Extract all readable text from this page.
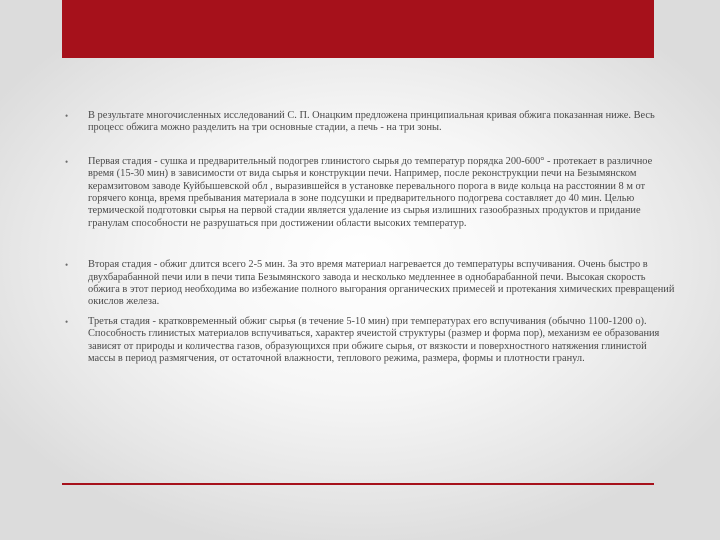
• В результате многочисленных исследований С. П. Онацким предложена принципиальная кривая обжига показанная ниже. Весь процесс обжига можно разделить на три основные стадии, а печь - на три зоны.
• Первая стадия - сушка и предварительный подогрев глинистого сырья до температур порядка 200-600° - протекает в различное время (15-30 мин) в зависимости от вида сырья и конструкции печи. Например, после реконструкции печи на Безымянском керамзитовом заводе Куйбышевской обл , выразившейся в установке перевального порога в виде кольца на расстоянии 8 м от горячего конца, время пребывания материала в зоне подсушки и предварительного подогрева составляет до 40 мин. Целью термической подготовки сырья на первой стадии является удаление из сырья излишних газообразных продуктов и придание гранулам способности не разрушаться при достижении области высоких температур.
• Вторая стадия - обжиг длится всего 2-5 мин. За это время материал нагревается до температуры вспучивания. Очень быстро в двухбарабанной печи или в печи типа Безымянского завода и несколько медленнее в однобарабанной печи. Высокая скорость обжига в этот период необходима во избежание полного выгорания органических примесей и протекания химических превращений окислов железа.
• Третья стадия - кратковременный обжиг сырья (в течение 5-10 мин) при температурах его вспучивания (обычно 1100-1200 о). Способность глинистых материалов вспучиваться, характер ячеистой структуры (размер и форма пор), механизм ее образования зависят от природы и количества газов, образующихся при обжиге сырья, от вязкости и поверхностного натяжения глинистой массы в период размягчения, от остаточной влажности, теплового режима, размера, формы и плотности гранул.
